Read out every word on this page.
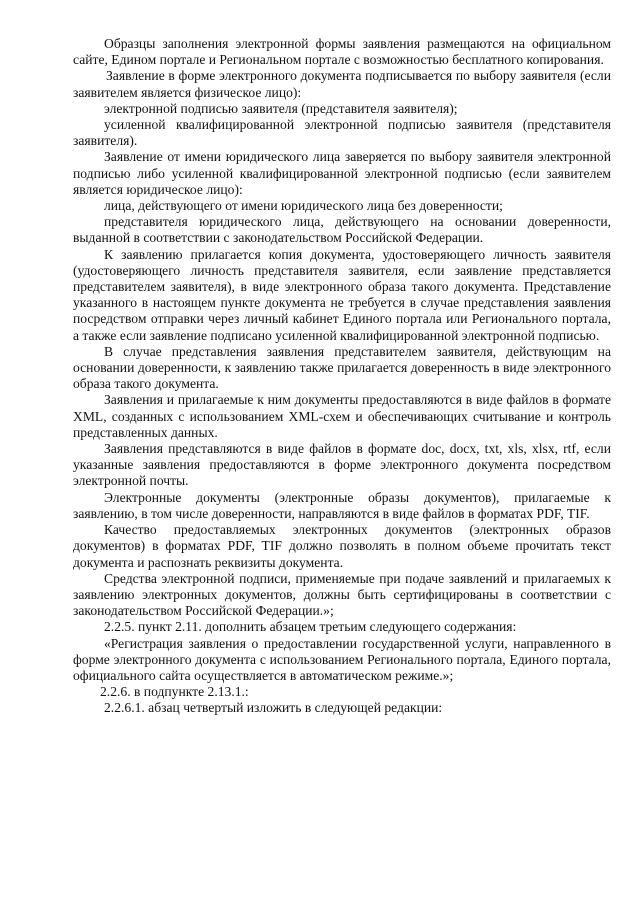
Образцы заполнения электронной формы заявления размещаются на официальном сайте, Едином портале и Региональном портале с возможностью бесплатного копирования.

Заявление в форме электронного документа подписывается по выбору заявителя (если заявителем является физическое лицо):

электронной подписью заявителя (представителя заявителя);

усиленной квалифицированной электронной подписью заявителя (представителя заявителя).

Заявление от имени юридического лица заверяется по выбору заявителя электронной подписью либо усиленной квалифицированной электронной подписью (если заявителем является юридическое лицо):

лица, действующего от имени юридического лица без доверенности;

представителя юридического лица, действующего на основании доверенности, выданной в соответствии с законодательством Российской Федерации.

К заявлению прилагается копия документа, удостоверяющего личность заявителя (удостоверяющего личность представителя заявителя, если заявление представляется представителем заявителя), в виде электронного образа такого документа. Представление указанного в настоящем пункте документа не требуется в случае представления заявления посредством отправки через личный кабинет Единого портала или Регионального портала, а также если заявление подписано усиленной квалифицированной электронной подписью.

В случае представления заявления представителем заявителя, действующим на основании доверенности, к заявлению также прилагается доверенность в виде электронного образа такого документа.

Заявления и прилагаемые к ним документы предоставляются в виде файлов в формате XML, созданных с использованием XML-схем и обеспечивающих считывание и контроль представленных данных.

Заявления представляются в виде файлов в формате doc, docx, txt, xls, xlsx, rtf, если указанные заявления предоставляются в форме электронного документа посредством электронной почты.

Электронные документы (электронные образы документов), прилагаемые к заявлению, в том числе доверенности, направляются в виде файлов в форматах PDF, TIF.

Качество предоставляемых электронных документов (электронных образов документов) в форматах PDF, TIF должно позволять в полном объеме прочитать текст документа и распознать реквизиты документа.

Средства электронной подписи, применяемые при подаче заявлений и прилагаемых к заявлению электронных документов, должны быть сертифицированы в соответствии с законодательством Российской Федерации.»;

2.2.5. пункт 2.11. дополнить абзацем третьим следующего содержания:

«Регистрация заявления о предоставлении государственной услуги, направленного в форме электронного документа с использованием Регионального портала, Единого портала, официального сайта осуществляется в автоматическом режиме.»;

2.2.6. в подпункте 2.13.1.:

2.2.6.1. абзац четвертый изложить в следующей редакции:
